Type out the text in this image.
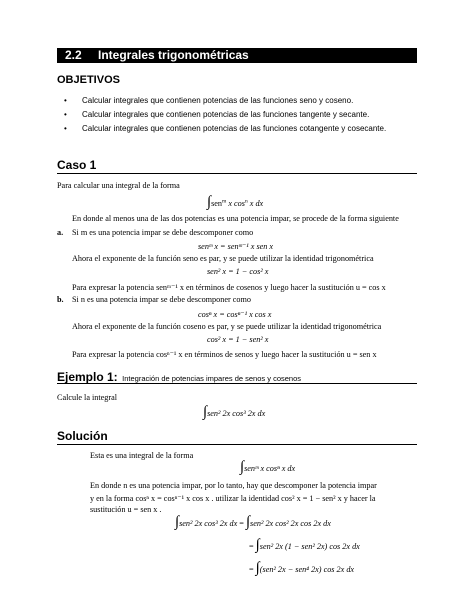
2.2 Integrales trigonométricas
OBJETIVOS
• Calcular integrales que contienen potencias de las funciones seno y coseno.
• Calcular integrales que contienen potencias de las funciones tangente y secante.
• Calcular integrales que contienen potencias de las funciones cotangente y cosecante.
Caso 1
Para calcular una integral de la forma
∫sen$^m$ x $\cos^n x$ dx
En donde al menos una de las dos potencias es una potencia impar, se procede de la forma siguiente
a. Si m es una potencia impar se debe descomponer como
senᵐ x = senᵐ⁻¹ x sen x
Ahora el exponente de la función seno es par, y se puede utilizar la identidad trigonométrica
sen² x = 1 − cos² x
Para expresar la potencia senᵐ⁻¹ x en términos de cosenos y luego hacer la sustitución u = cos x
b. Si n es una potencia impar se debe descomponer como
cosⁿ x = cosⁿ⁻¹ x cos x
Ahora el exponente de la función coseno es par, y se puede utilizar la identidad trigonométrica
cos² x = 1 − sen² x
Para expresar la potencia cosⁿ⁻¹ x en términos de senos y luego hacer la sustitución u = sen x
Ejemplo 1: Integración de potencias impares de senos y cosenos
Calcule la integral
∫sen² 2x cos³ 2x dx
Solución
Esta es una integral de la forma
∫senᵐ x cosⁿ x dx
En donde n es una potencia impar, por lo tanto, hay que descomponer la potencia impar
y en la forma cosⁿ x = cosⁿ⁻¹ x cos x . utilizar la identidad cos² x = 1 − sen² x y hacer la
sustitución u = sen x .
∫sen² 2x cos³ 2x dx = ∫sen² 2x cos² 2x cos 2x dx
= ∫sen² 2x (1 − sen² 2x) cos 2x dx
= ∫(sen² 2x − sen⁴ 2x) cos 2x dx
